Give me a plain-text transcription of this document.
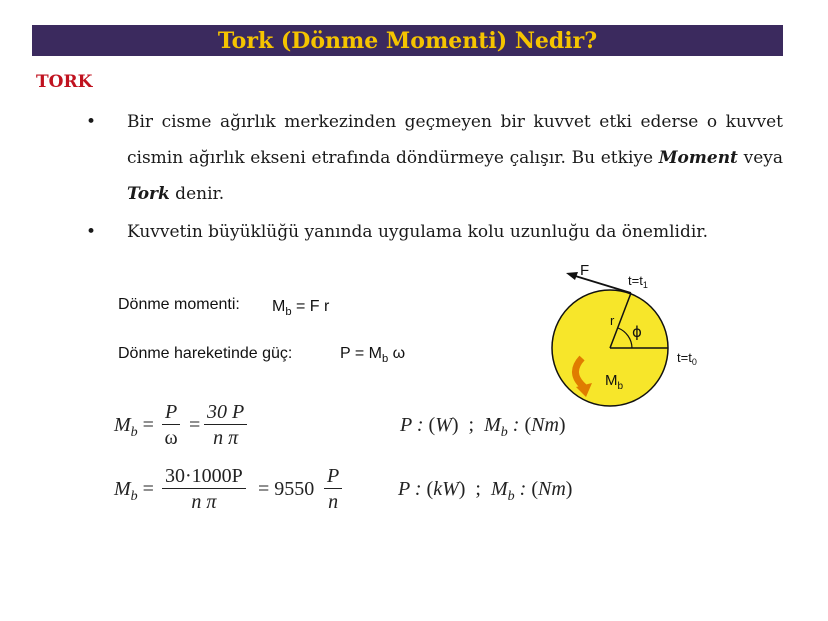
Tork (Dönme Momenti) Nedir?
TORK
•	Bir cisme ağırlık merkezinden geçmeyen bir kuvvet etki ederse o kuvvet cismin ağırlık ekseni etrafında döndürmeye çalışır. Bu etkiye Moment veya Tork denir.
•	Kuvvetin büyüklüğü yanında uygulama kolu uzunluğu da önemlidir.
Dönme momenti: $M_b = F$ r
Dönme hareketinde güç:	$P = M_b$ ω
$M_b = \frac{P}{\omega} = \frac{30 P}{\text{n π}}$	P : (W) ;  $M_b$ : (Nm)
$M_b = \frac{30\cdot 1000P}{\text{n π}} = 9550 \frac{P}{n}$	P : (kW) ;  $M_b$ : (Nm)
F
$t=t_1$
$t=t_0$
r
ϕ
$M_b$
